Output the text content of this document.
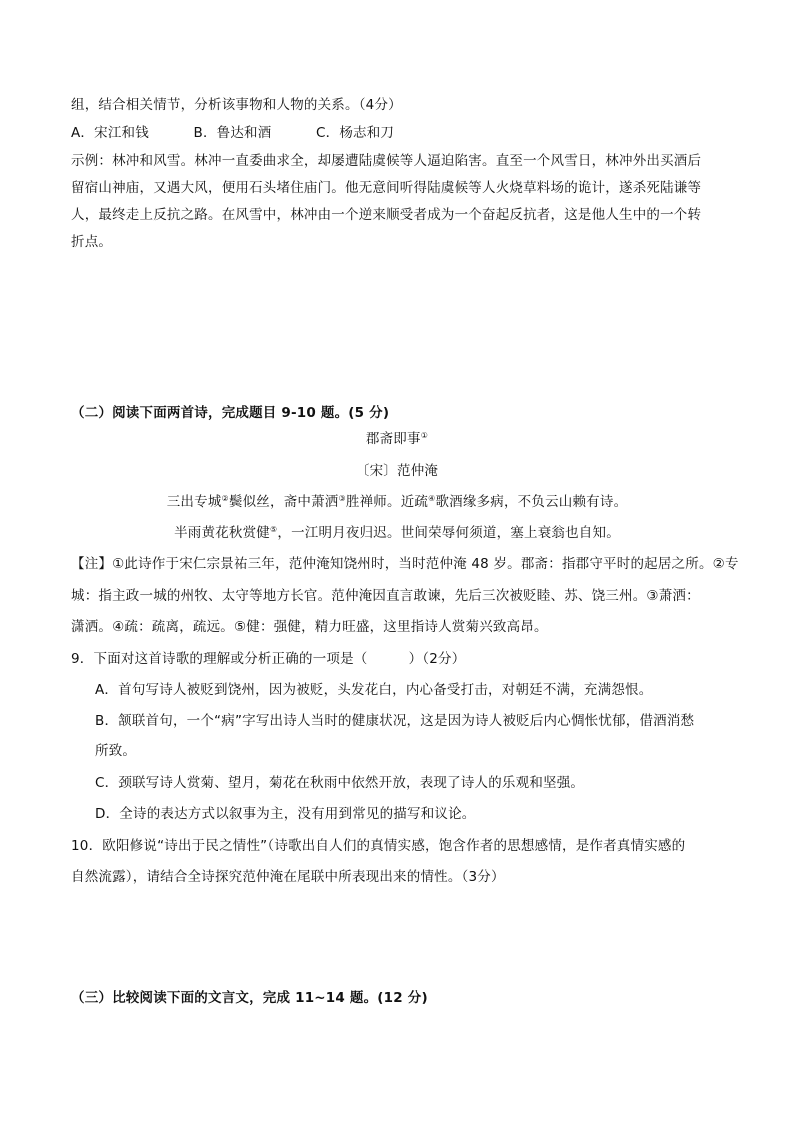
组，结合相关情节，分析该事物和人物的关系。（4分）
A．宋江和钱	B．鲁达和酒	C．杨志和刀
示例：林冲和风雪。林冲一直委曲求全，却屡遭陆虞候等人逼迫陷害。直至一个风雪日，林冲外出买酒后
留宿山神庙，又遇大风，便用石头堵住庙门。他无意间听得陆虞候等人火烧草料场的诡计，遂杀死陆谦等
人，最终走上反抗之路。在风雪中，林冲由一个逆来顺受者成为一个奋起反抗者，这是他人生中的一个转
折点。
（二）阅读下面两首诗，完成题目 9-10 题。(5 分)
郡斋即事①
〔宋〕范仲淹
三出专城②鬓似丝，斋中萧洒③胜禅师。近疏④歌酒缘多病，不负云山赖有诗。
半雨黄花秋赏健⑤，一江明月夜归迟。世间荣辱何须道，塞上衰翁也自知。
【注】①此诗作于宋仁宗景祐三年，范仲淹知饶州时，当时范仲淹 48 岁。郡斋：指郡守平时的起居之所。②专
城：指主政一城的州牧、太守等地方长官。范仲淹因直言敢谏，先后三次被贬睦、苏、饶三州。③萧洒：
潇洒。④疏：疏离，疏远。⑤健：强健，精力旺盛，这里指诗人赏菊兴致高昂。
9．下面对这首诗歌的理解或分析正确的一项是（　　　）（2分）
A．首句写诗人被贬到饶州，因为被贬，头发花白，内心备受打击，对朝廷不满，充满怨恨。
B．颔联首句，一个“病”字写出诗人当时的健康状况，这是因为诗人被贬后内心惆怅忧郁，借酒消愁
所致。
C．颈联写诗人赏菊、望月，菊花在秋雨中依然开放，表现了诗人的乐观和坚强。
D．全诗的表达方式以叙事为主，没有用到常见的描写和议论。
10．欧阳修说“诗出于民之情性”（诗歌出自人们的真情实感，饱含作者的思想感情，是作者真情实感的
自然流露），请结合全诗探究范仲淹在尾联中所表现出来的情性。（3分）
（三）比较阅读下面的文言文，完成 11~14 题。(12 分)
